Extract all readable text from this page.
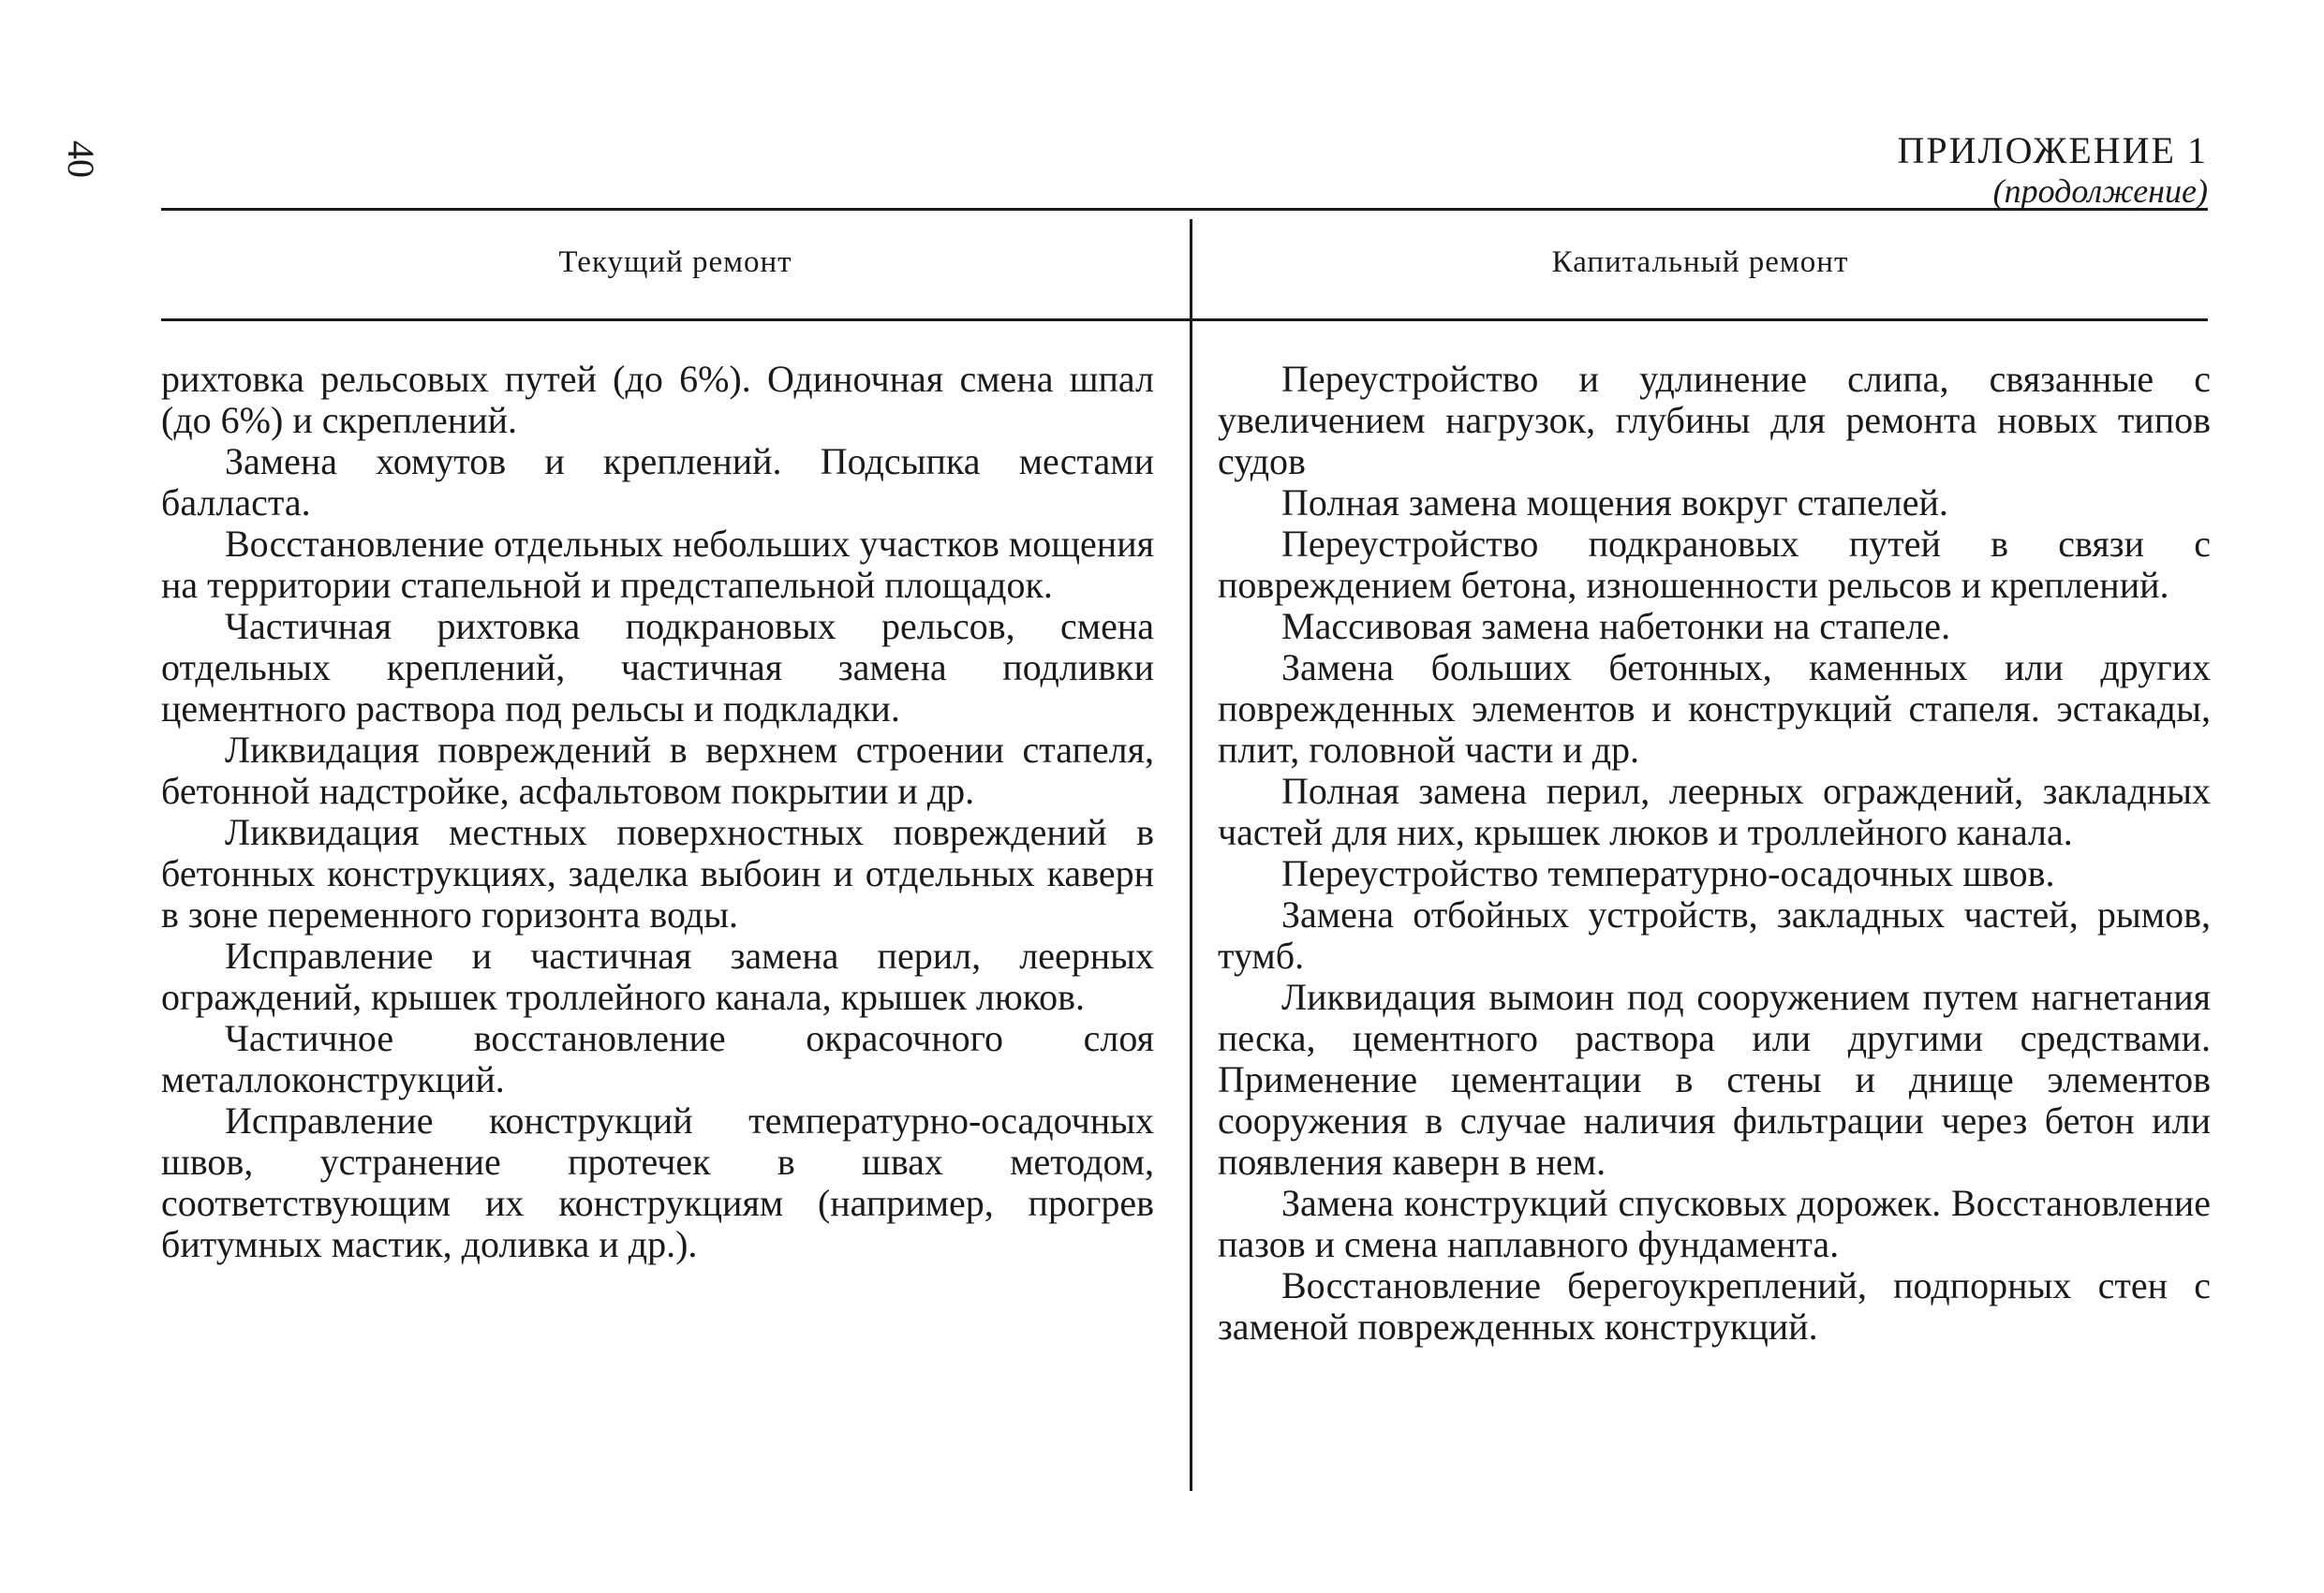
40	ПРИЛОЖЕНИЕ 1
(продолжение)
Текущий ремонт	Капитальный ремонт

рихтовка рельсовых путей (до 6%). Одиночная смена шпал (до 6%) и скреплений.

Замена хомутов и креплений. Подсыпка местами балласта.

Восстановление отдельных небольших участков мощения на территории стапельной и предстапельной площадок.

Частичная рихтовка подкрановых рельсов, смена отдельных креплений, частичная замена подливки цементного раствора под рельсы и подкладки.

Ликвидация повреждений в верхнем строении стапеля, бетонной надстройке, асфальтовом покрытии и др.

Ликвидация местных поверхностных повреждений в бетонных конструкциях, заделка выбоин и отдельных каверн в зоне переменного горизонта воды.

Исправление и частичная замена перил, леерных ограждений, крышек троллейного канала, крышек люков.

Частичное восстановление окрасочного слоя металлоконструкций.

Исправление конструкций температурно-осадочных швов, устранение протечек в швах методом, соответствующим их конструкциям (например, прогрев битумных мастик, доливка и др.).

Переустройство и удлинение слипа, связанные с увеличением нагрузок, глубины для ремонта новых типов судов

Полная замена мощения вокруг стапелей.

Переустройство подкрановых путей в связи с повреждением бетона, изношенности рельсов и креплений.

Массивовая замена набетонки на стапеле.

Замена больших бетонных, каменных или других поврежденных элементов и конструкций стапеля. эстакады, плит, головной части и др.

Полная замена перил, леерных ограждений, закладных частей для них, крышек люков и троллейного канала.

Переустройство температурно-осадочных швов.

Замена отбойных устройств, закладных частей, рымов, тумб.

Ликвидация вымоин под сооружением путем нагнетания песка, цементного раствора или другими средствами. Применение цементации в стены и днище элементов сооружения в случае наличия фильтрации через бетон или появления каверн в нем.

Замена конструкций спусковых дорожек. Восстановление пазов и смена наплавного фундамента.

Восстановление берегоукреплений, подпорных стен с заменой поврежденных конструкций.
